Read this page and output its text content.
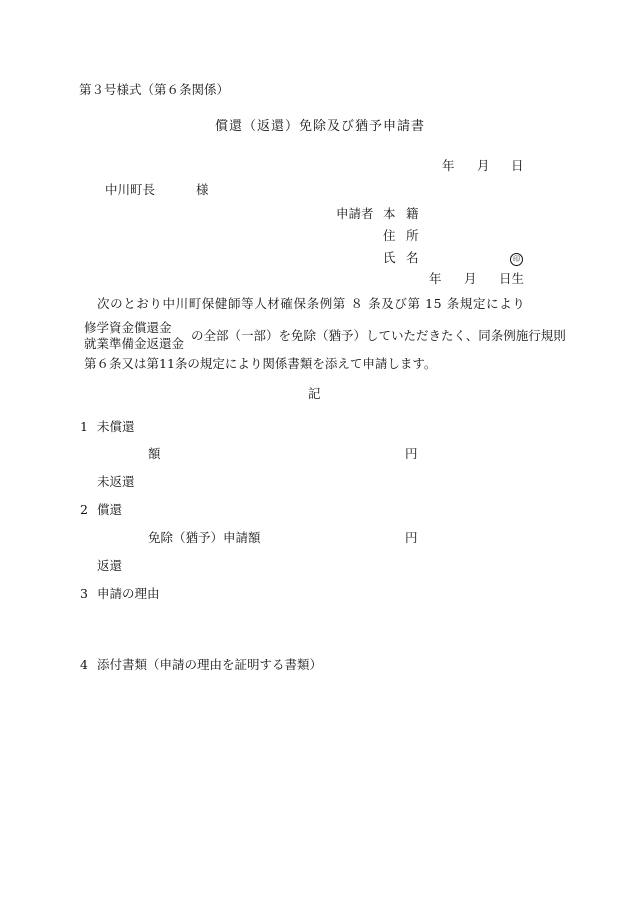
第３号様式（第６条関係）
償還（返還）免除及び猶予申請書
年 月 日
中川町長	様
申請者 本 籍
住 所
氏 名	印
年 月 日生
次のとおり中川町保健師等人材確保条例第 ８ 条及び第 15 条規定により
修学資金償還金
就業準備金返還金
の全部（一部）を免除（猶予）していただきたく、同条例施行規則
第６条又は第11条の規定により関係書類を添えて申請します。
記
1 未償還
額	円
未返還
2 償還
免除（猶予）申請額	円
返還
3 申請の理由
4 添付書類（申請の理由を証明する書類）
